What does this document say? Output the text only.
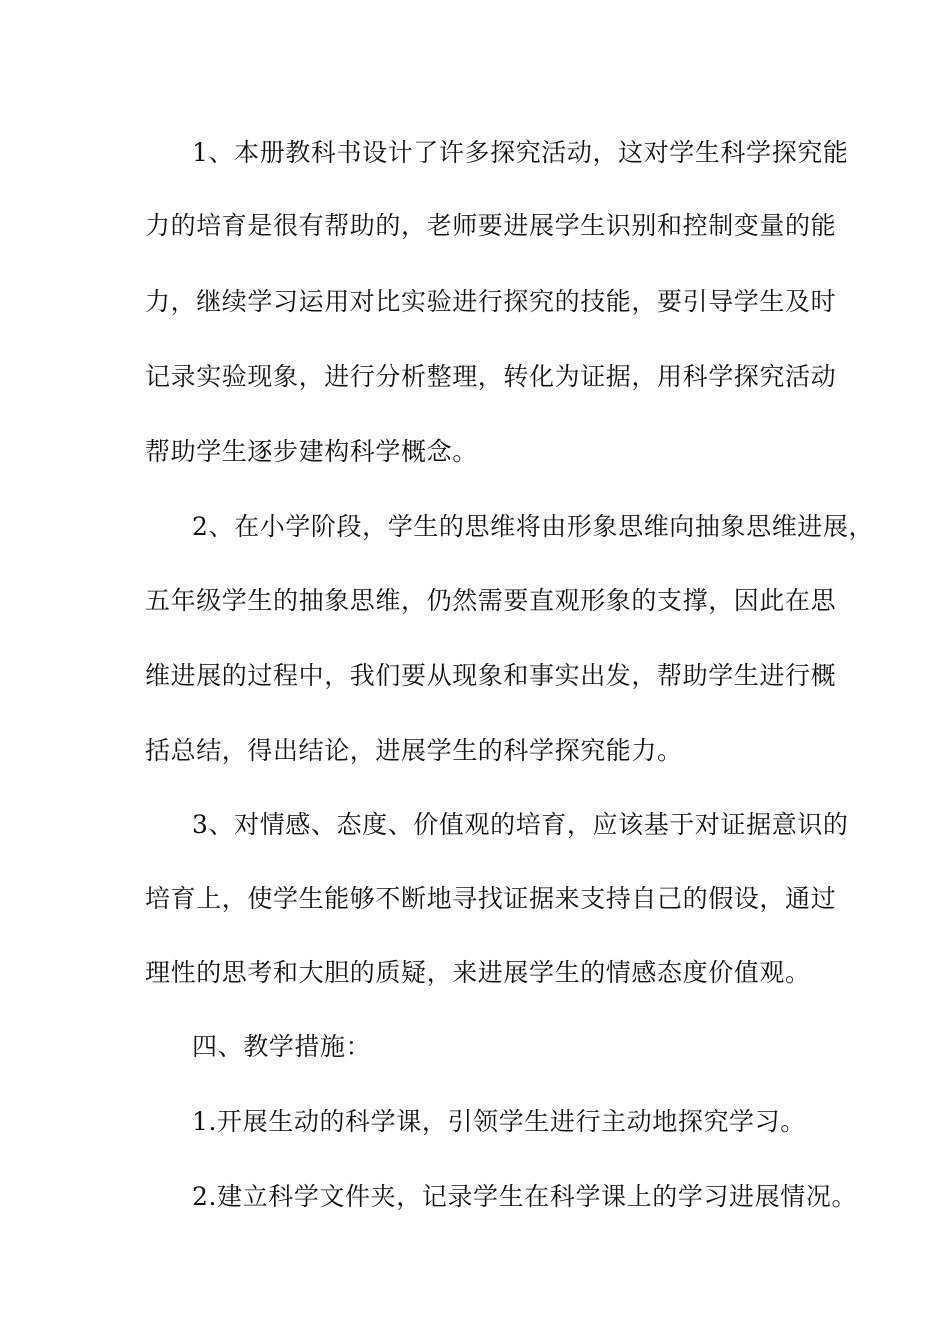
1、本册教科书设计了许多探究活动，这对学生科学探究能

力的培育是很有帮助的，老师要进展学生识别和控制变量的能

力，继续学习运用对比实验进行探究的技能，要引导学生及时

记录实验现象，进行分析整理，转化为证据，用科学探究活动

帮助学生逐步建构科学概念。

2、在小学阶段，学生的思维将由形象思维向抽象思维进展，

五年级学生的抽象思维，仍然需要直观形象的支撑，因此在思

维进展的过程中，我们要从现象和事实出发，帮助学生进行概

括总结，得出结论，进展学生的科学探究能力。

3、对情感、态度、价值观的培育，应该基于对证据意识的

培育上，使学生能够不断地寻找证据来支持自己的假设，通过

理性的思考和大胆的质疑，来进展学生的情感态度价值观。

四、教学措施：

1.开展生动的科学课，引领学生进行主动地探究学习。

2.建立科学文件夹，记录学生在科学课上的学习进展情况。
